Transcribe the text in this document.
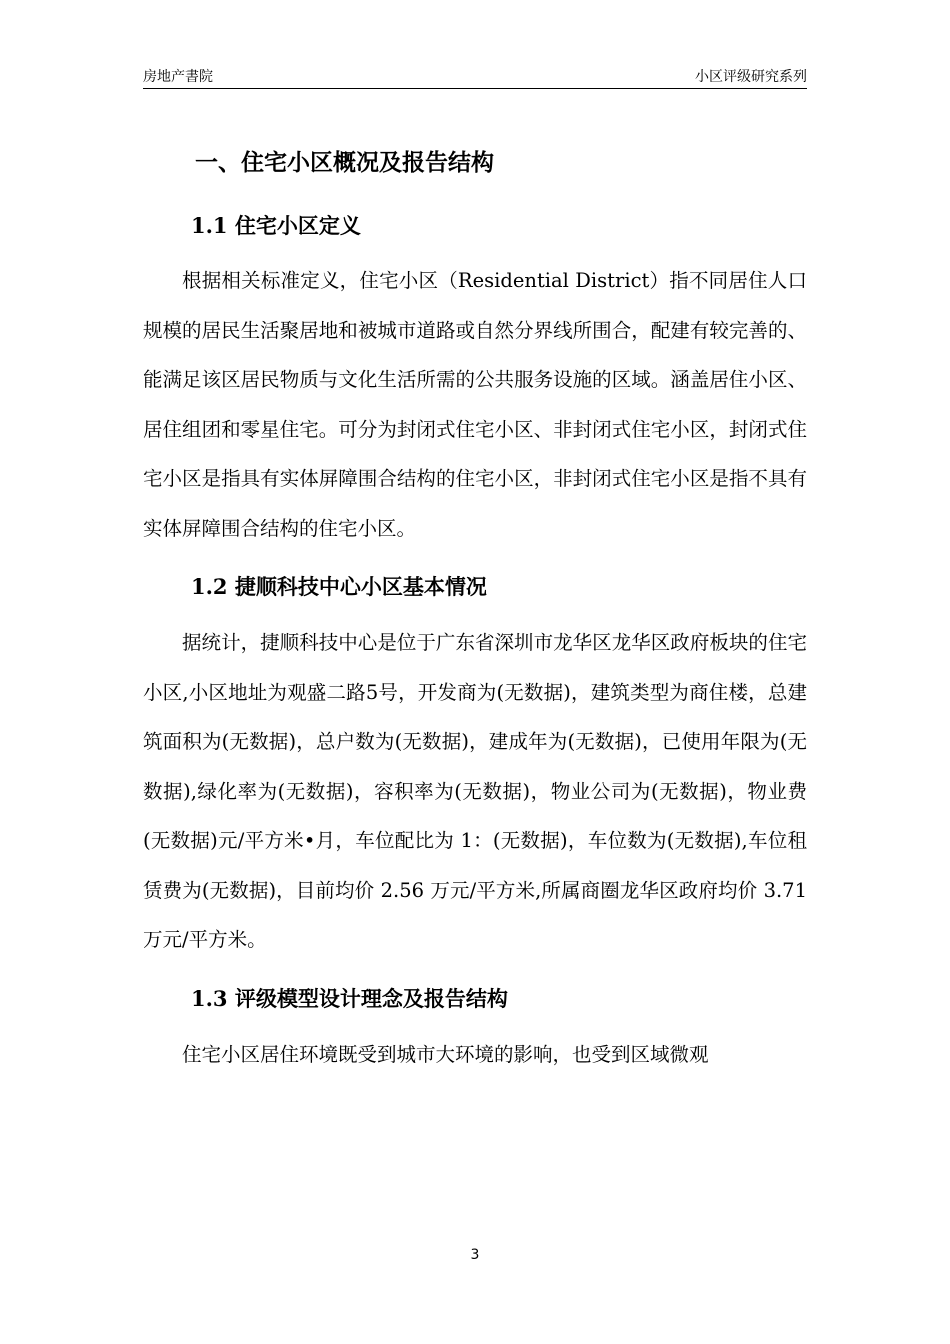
房地产書院	小区评级研究系列
一、住宅小区概况及报告结构
1.1 住宅小区定义

根据相关标准定义，住宅小区（Residential District）指不同居住人口规模的居民生活聚居地和被城市道路或自然分界线所围合，配建有较完善的、能满足该区居民物质与文化生活所需的公共服务设施的区域。涵盖居住小区、居住组团和零星住宅。可分为封闭式住宅小区、非封闭式住宅小区，封闭式住宅小区是指具有实体屏障围合结构的住宅小区，非封闭式住宅小区是指不具有实体屏障围合结构的住宅小区。

1.2 捷顺科技中心小区基本情况

据统计，捷顺科技中心是位于广东省深圳市龙华区龙华区政府板块的住宅小区,小区地址为观盛二路5号，开发商为(无数据)，建筑类型为商住楼，总建筑面积为(无数据)，总户数为(无数据)，建成年为(无数据)，已使用年限为(无数据),绿化率为(无数据)，容积率为(无数据)，物业公司为(无数据)，物业费(无数据)元/平方米•月，车位配比为 1：(无数据)，车位数为(无数据),车位租赁费为(无数据)，目前均价 2.56 万元/平方米,所属商圈龙华区政府均价 3.71 万元/平方米。

1.3 评级模型设计理念及报告结构

住宅小区居住环境既受到城市大环境的影响，也受到区域微观

3
